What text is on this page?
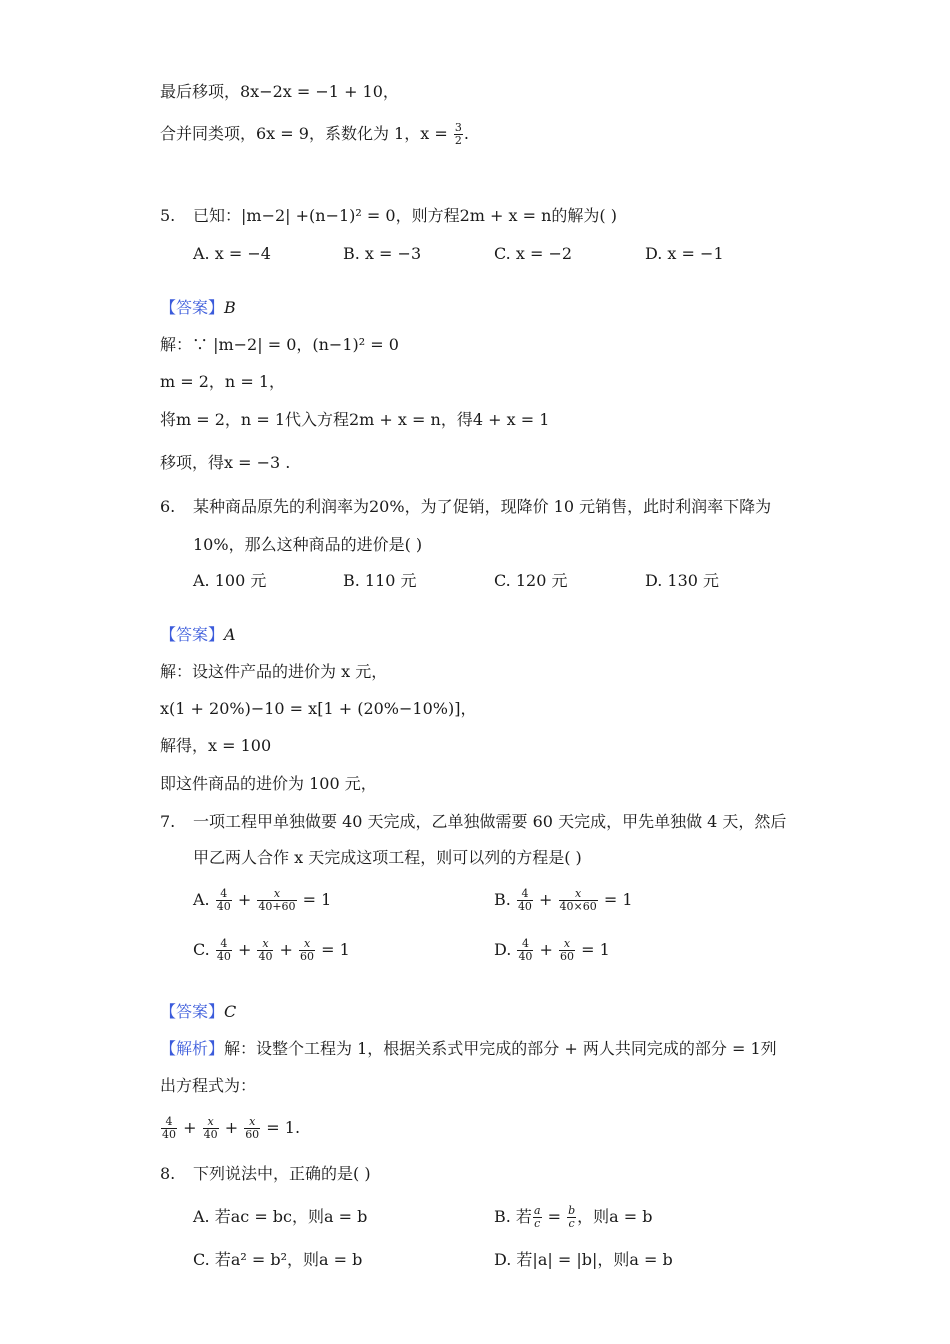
最后移项，8x−2x = −1 + 10，
合并同类项，6x = 9，系数化为 1，$x = \frac{3}{2}$ .
5. 已知：|m−2| +(n−1)² = 0，则方程2m + x = n的解为( )
A. x = −4	B. x = −3	C. x = −2	D. x = −1
【答案】B
解：∵ |m−2| = 0，(n−1)² = 0
m = 2，n = 1，
将m = 2，n = 1代入方程2m + x = n，得4 + x = 1
移项，得x = −3 .
6. 某种商品原先的利润率为20%，为了促销，现降价 10 元销售，此时利润率下降为
10%，那么这种商品的进价是( )
A. 100 元	B. 110 元	C. 120 元	D. 130 元
【答案】A
解：设这件产品的进价为 x 元，
x(1 + 20%)−10 = x[1 + (20%−10%)]，
解得，x = 100
即这件商品的进价为 100 元，
7. 一项工程甲单独做要 40 天完成，乙单独做需要 60 天完成，甲先单独做 4 天，然后
甲乙两人合作 x 天完成这项工程，则可以列的方程是( )
A. $\frac{4}{40} + \frac{x}{40+60} = 1$	B. $\frac{4}{40} + \frac{x}{40\times 60} = 1$
C. $\frac{4}{40} + \frac{x}{40} + \frac{x}{60} = 1$	D. $\frac{4}{40} + \frac{x}{60} = 1$
【答案】C
【解析】解：设整个工程为 1，根据关系式甲完成的部分 + 两人共同完成的部分 = 1列
出方程式为：
$\frac{4}{40} + \frac{x}{40} + \frac{x}{60} = 1$.
8. 下列说法中，正确的是( )
A. 若ac = bc，则a = b	B. 若 $\frac{a}{c} = \frac{b}{c}$ ，则a = b
C. 若a² = b²，则a = b	D. 若|a| = |b|，则a = b
